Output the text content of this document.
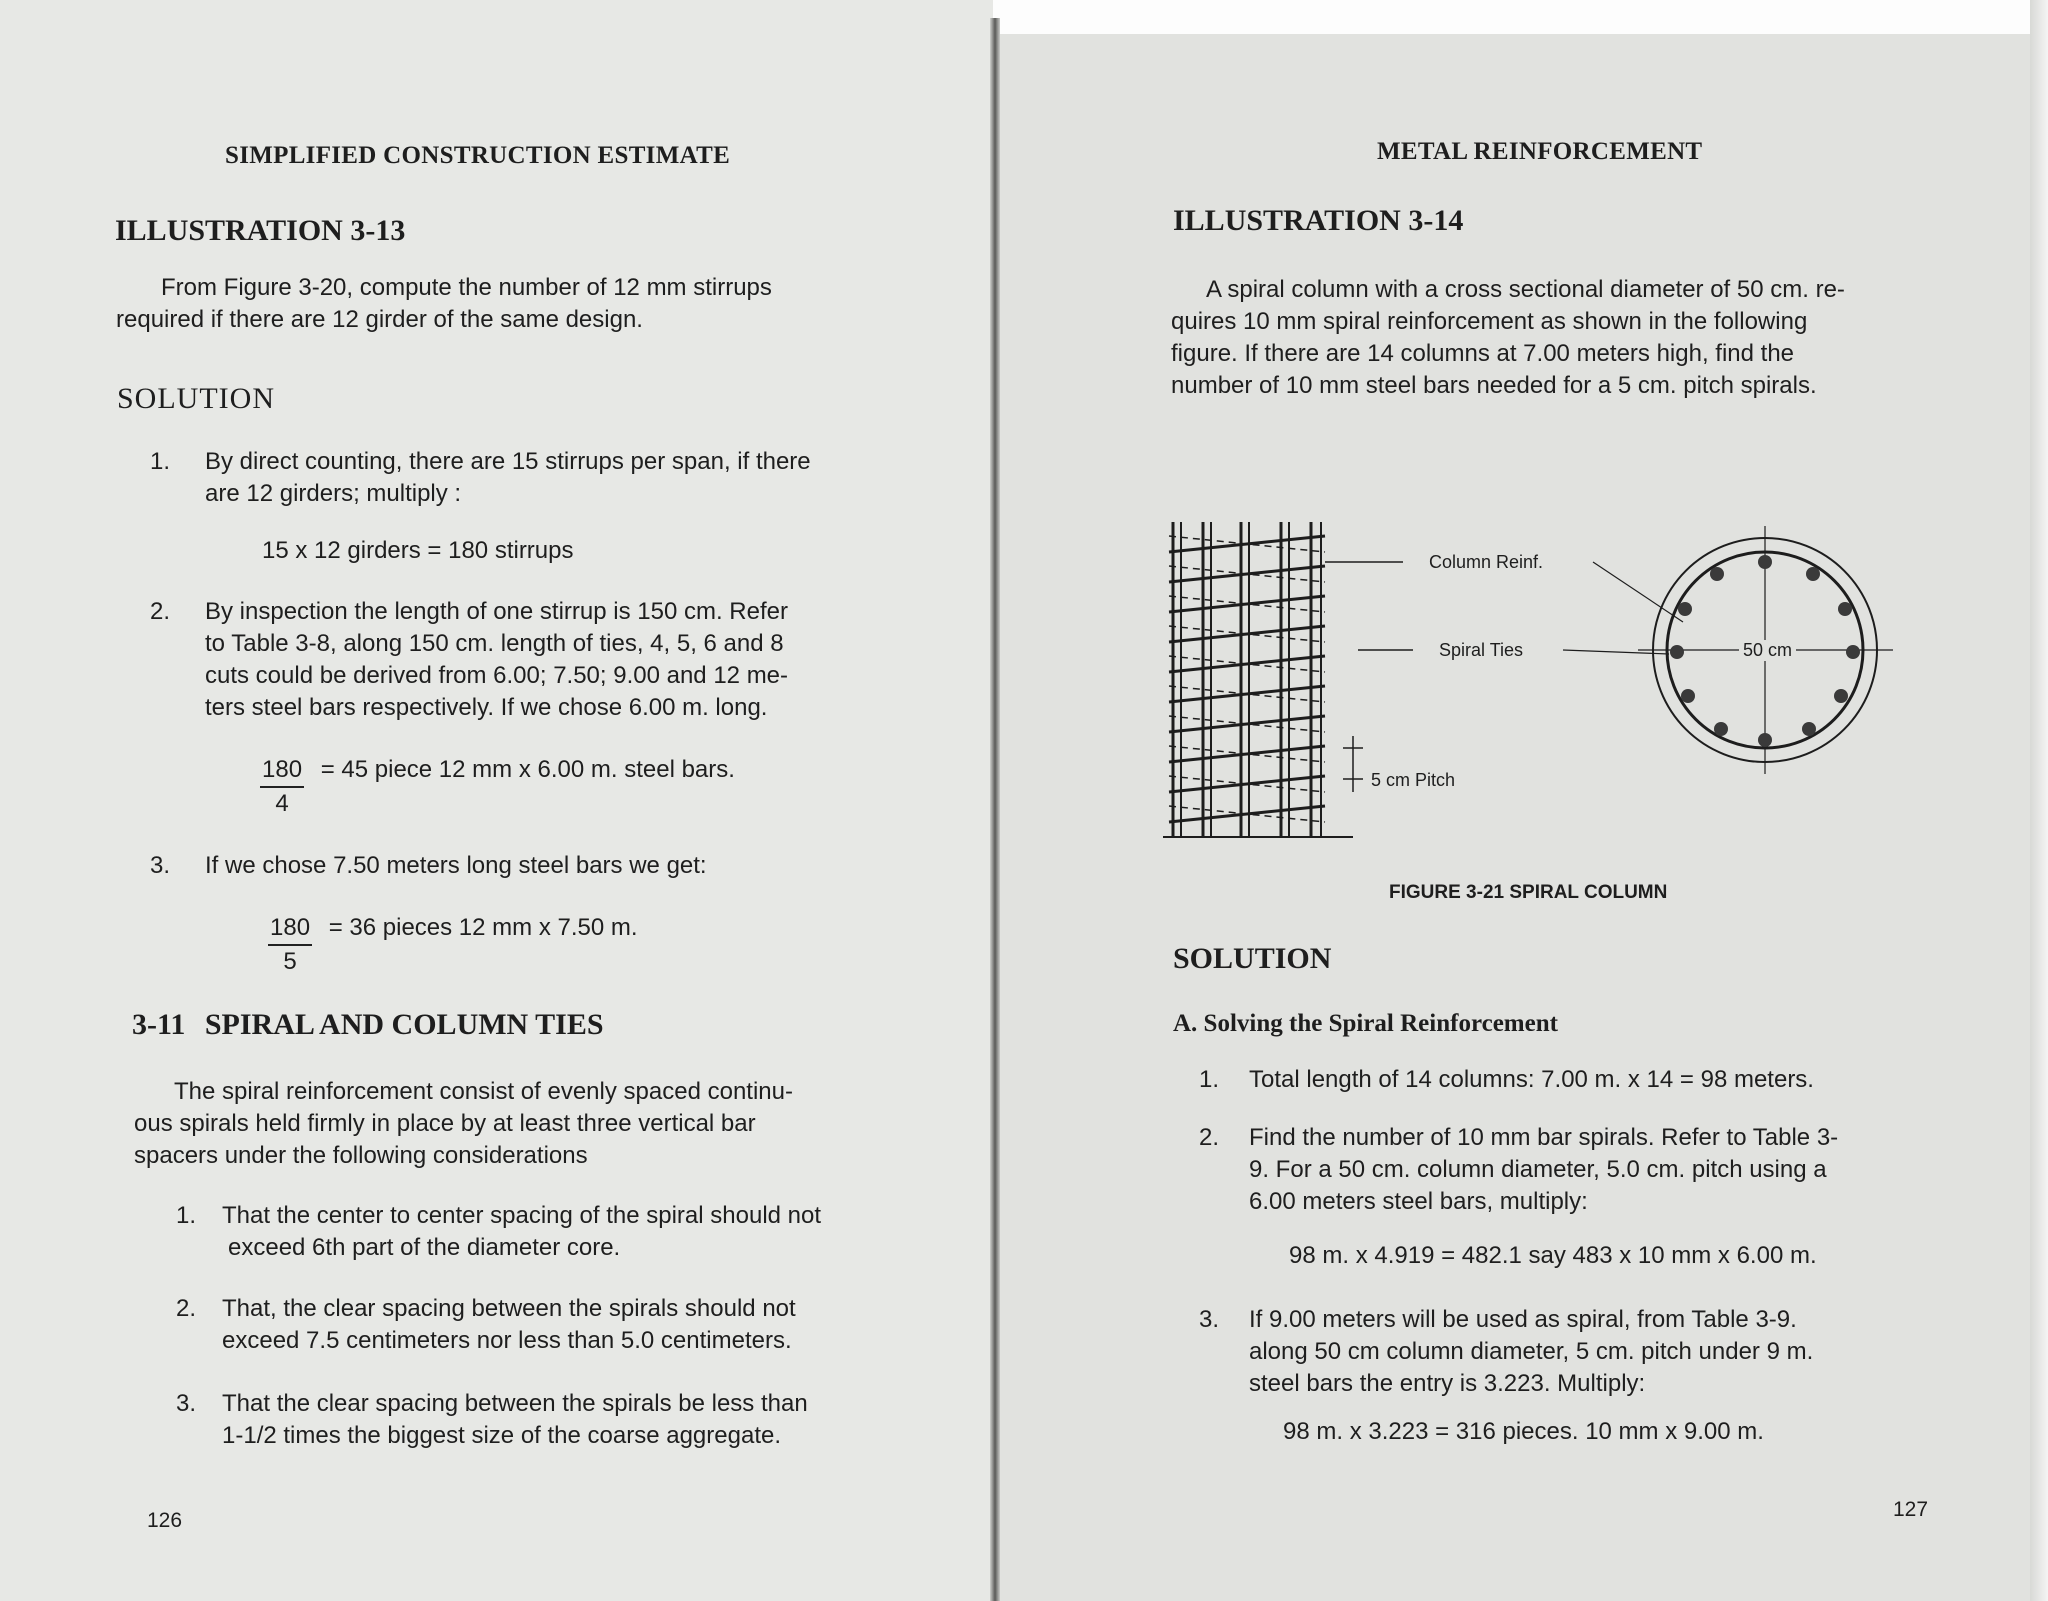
SIMPLIFIED CONSTRUCTION ESTIMATE
ILLUSTRATION 3-13
From Figure 3-20, compute the number of 12 mm stirrups
required if there are 12 girder of the same design.
SOLUTION
1. By direct counting, there are 15 stirrups per span, if there
are 12 girders; multiply :
15 x 12 girders = 180 stirrups
2. By inspection the length of one stirrup is 150 cm. Refer
to Table 3-8, along 150 cm. length of ties, 4, 5, 6 and 8
cuts could be derived from 6.00; 7.50; 9.00 and 12 me-
ters steel bars respectively. If we chose 6.00 m. long.
$\frac{180}{4} = 45$ piece 12 mm x 6.00 m. steel bars.
3. If we chose 7.50 meters long steel bars we get:
$\frac{180}{5} = 36$ pieces 12 mm x 7.50 m.
3-11 SPIRAL AND COLUMN TIES
The spiral reinforcement consist of evenly spaced continu-
ous spirals held firmly in place by at least three vertical bar
spacers under the following considerations
1. That the center to center spacing of the spiral should not
exceed 6th part of the diameter core.
2. That, the clear spacing between the spirals should not
exceed 7.5 centimeters nor less than 5.0 centimeters.
3. That the clear spacing between the spirals be less than
1-1/2 times the biggest size of the coarse aggregate.
126
METAL REINFORCEMENT
ILLUSTRATION 3-14
A spiral column with a cross sectional diameter of 50 cm. re-
quires 10 mm spiral reinforcement as shown in the following
figure. If there are 14 columns at 7.00 meters high, find the
number of 10 mm steel bars needed for a 5 cm. pitch spirals.
Column Reinf.
Spiral Ties
5 cm Pitch
50 cm
FIGURE 3-21 SPIRAL COLUMN
SOLUTION
A. Solving the Spiral Reinforcement
1. Total length of 14 columns: 7.00 m. x 14 = 98 meters.
2. Find the number of 10 mm bar spirals. Refer to Table 3-
9. For a 50 cm. column diameter, 5.0 cm. pitch using a
6.00 meters steel bars, multiply:
98 m. x 4.919 = 482.1 say 483 x 10 mm x 6.00 m.
3. If 9.00 meters will be used as spiral, from Table 3-9.
along 50 cm column diameter, 5 cm. pitch under 9 m.
steel bars the entry is 3.223. Multiply:
98 m. x 3.223 = 316 pieces. 10 mm x 9.00 m.
127
